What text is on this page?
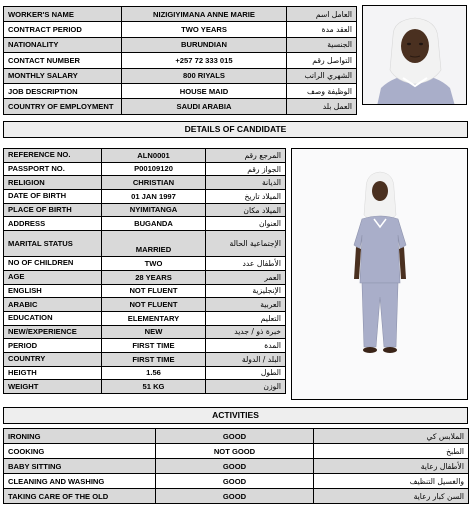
WORKER'S NAME	NIZIGIYIMANA ANNE MARIE	العامل اسم
CONTRACT PERIOD	TWO YEARS	العقد مدة
NATIONALITY	BURUNDIAN	الجنسية
CONTACT NUMBER	+257 72 333 015	التواصل رقم
MONTHLY SALARY	800 RIYALS	الشهري الراتب
JOB DESCRIPTION	HOUSE MAID	الوظيفة وصف
COUNTRY OF EMPLOYMENT	SAUDI ARABIA	العمل بلد
DETAILS OF CANDIDATE
REFERENCE NO.	ALN0001	المرجع رقم
PASSPORT NO.	P00109120	الجواز رقم
RELIGION	CHRISTIAN	الديانة
DATE OF BIRTH	01 JAN 1997	الميلاد تاريخ
PLACE OF BIRTH	NYIMITANGA	الميلاد مكان
ADDRESS	BUGANDA	العنوان
MARITAL STATUS	MARRIED	الإجتماعية الحالة
NO OF CHILDREN	TWO	الأطفال عدد
AGE	28 YEARS	العمر
ENGLISH	NOT FLUENT	الإنجليزية
ARABIC	NOT FLUENT	العربية
EDUCATION	ELEMENTARY	التعليم
NEW/EXPERIENCE	NEW	خبرة ذو / جديد
PERIOD	FIRST TIME	المدة
COUNTRY	FIRST TIME	البلد / الدولة
HEIGTH	1.56	الطول
WEIGHT	51 KG	الوزن
ACTIVITIES
IRONING	GOOD	الملابس كي
COOKING	NOT GOOD	الطبخ
BABY SITTING	GOOD	الأطفال رعاية
CLEANING AND WASHING	GOOD	والغسيل التنظيف
TAKING CARE OF THE OLD	GOOD	السن كبار رعاية
